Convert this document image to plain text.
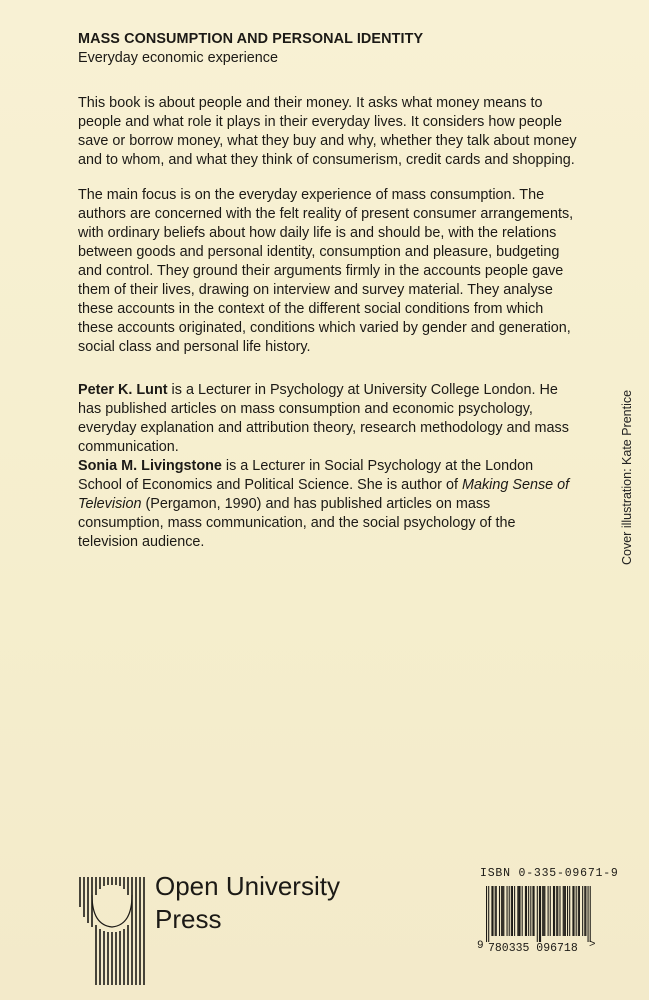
MASS CONSUMPTION AND PERSONAL IDENTITY
Everyday economic experience

This book is about people and their money. It asks what money means to people and what role it plays in their everyday lives. It considers how people save or borrow money, what they buy and why, whether they talk about money and to whom, and what they think of consumerism, credit cards and shopping.

The main focus is on the everyday experience of mass consumption. The authors are concerned with the felt reality of present consumer arrangements, with ordinary beliefs about how daily life is and should be, with the relations between goods and personal identity, consumption and pleasure, budgeting and control. They ground their arguments firmly in the accounts people gave them of their lives, drawing on interview and survey material. They analyse these accounts in the context of the different social conditions from which these accounts originated, conditions which varied by gender and generation, social class and personal life history.

Peter K. Lunt is a Lecturer in Psychology at University College London. He has published articles on mass consumption and economic psychology, everyday explanation and attribution theory, research methodology and mass communication.

Sonia M. Livingstone is a Lecturer in Social Psychology at the London School of Economics and Political Science. She is author of Making Sense of Television (Pergamon, 1990) and has published articles on mass consumption, mass communication, and the social psychology of the television audience.	Cover illustration: Kate Prentice
Open University
Press
ISBN 0-335-09671-9
9 780335 096718 >
